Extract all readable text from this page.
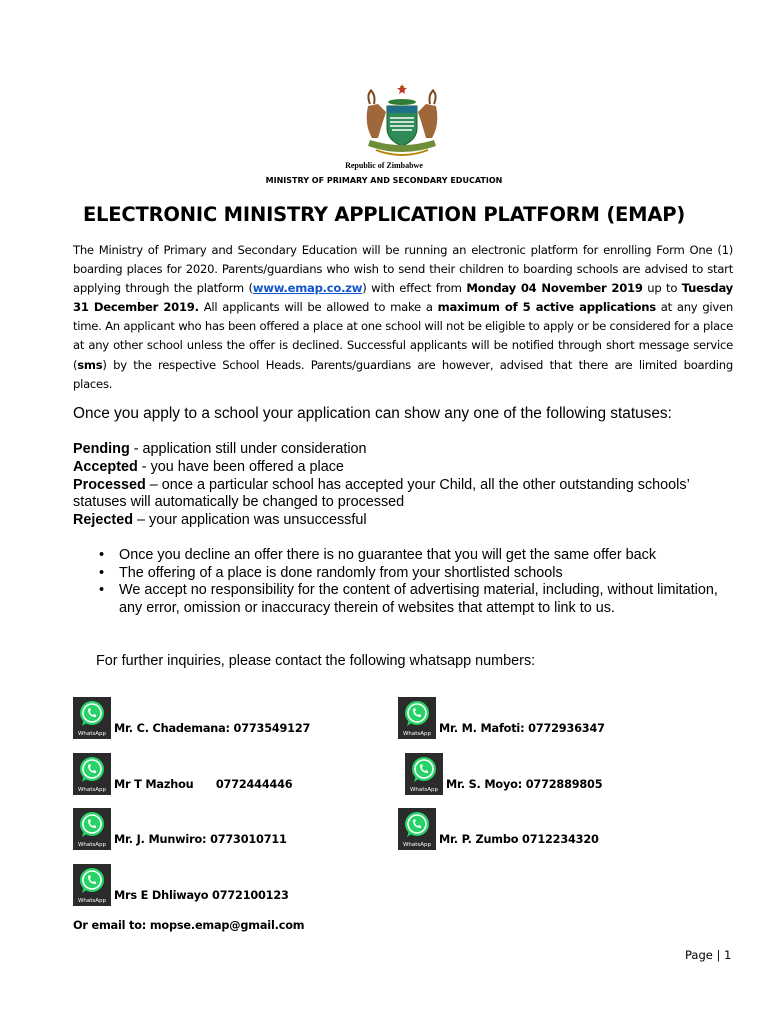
Republic of Zimbabwe
MINISTRY OF PRIMARY AND SECONDARY EDUCATION
ELECTRONIC MINISTRY APPLICATION PLATFORM (EMAP)
The Ministry of Primary and Secondary Education will be running an electronic platform for enrolling Form One (1) boarding places for 2020. Parents/guardians who wish to send their children to boarding schools are advised to start applying through the platform (www.emap.co.zw) with effect from Monday 04 November 2019 up to Tuesday 31 December 2019. All applicants will be allowed to make a maximum of 5 active applications at any given time. An applicant who has been offered a place at one school will not be eligible to apply or be considered for a place at any other school unless the offer is declined. Successful applicants will be notified through short message service (sms) by the respective School Heads. Parents/guardians are however, advised that there are limited boarding places.
Once you apply to a school your application can show any one of the following statuses:
Pending - application still under consideration
Accepted - you have been offered a place
Processed – once a particular school has accepted your Child, all the other outstanding schools’ statuses will automatically be changed to processed
Rejected – your application was unsuccessful
• Once you decline an offer there is no guarantee that you will get the same offer back
• The offering of a place is done randomly from your shortlisted schools
• We accept no responsibility for the content of advertising material, including, without limitation, any error, omission or inaccuracy therein of websites that attempt to link to us.
For further inquiries, please contact the following whatsapp numbers:
WhatsApp Mr. C. Chademana: 0773549127	WhatsApp Mr. M. Mafoti: 0772936347
WhatsApp Mr T Mazhou      0772444446	WhatsApp Mr. S. Moyo: 0772889805
WhatsApp Mr. J. Munwiro: 0773010711	WhatsApp Mr. P. Zumbo 0712234320
WhatsApp Mrs E Dhliwayo 0772100123
Or email to: mopse.emap@gmail.com
Page | 1
